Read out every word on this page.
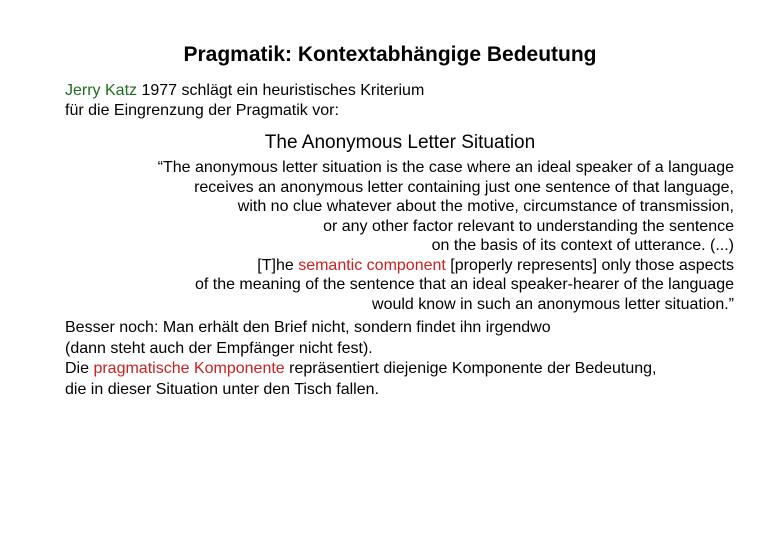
Pragmatik: Kontextabhängige Bedeutung
Jerry Katz 1977 schlägt ein heuristisches Kriterium
für die Eingrenzung der Pragmatik vor:
The Anonymous Letter Situation
“The anonymous letter situation is the case where an ideal speaker of a language
receives an anonymous letter containing just one sentence of that language,
with no clue whatever about the motive, circumstance of transmission,
or any other factor relevant to understanding the sentence
on the basis of its context of utterance. (...)
[T]he semantic component [properly represents] only those aspects
of the meaning of the sentence that an ideal speaker-hearer of the language
would know in such an anonymous letter situation.”
Besser noch: Man erhält den Brief nicht, sondern findet ihn irgendwo
(dann steht auch der Empfänger nicht fest).
Die pragmatische Komponente repräsentiert diejenige Komponente der Bedeutung,
die in dieser Situation unter den Tisch fallen.
